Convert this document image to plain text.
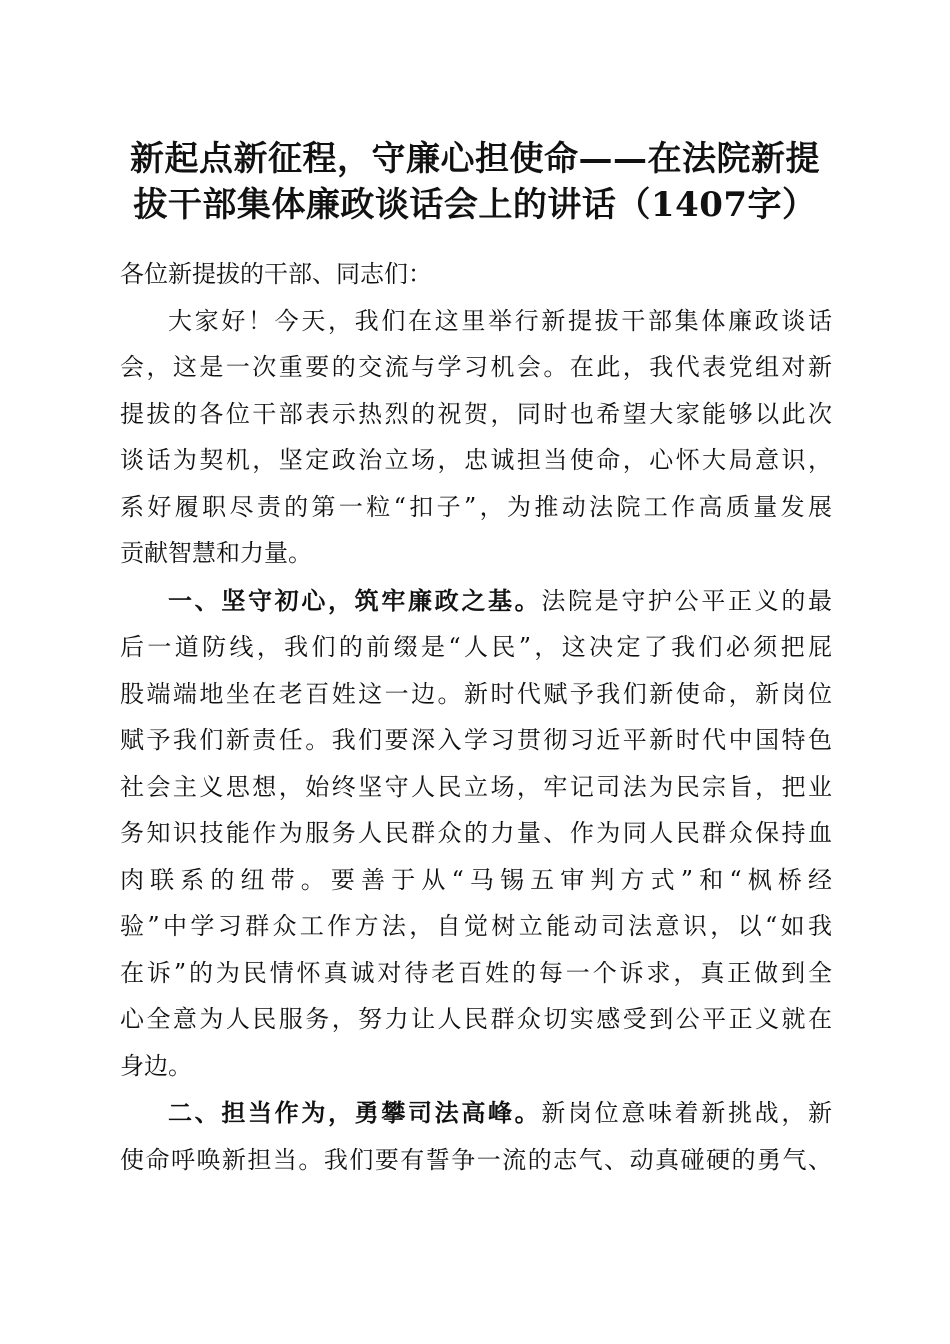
新起点新征程，守廉心担使命——在法院新提
拔干部集体廉政谈话会上的讲话（1407字）
各位新提拔的干部、同志们：
大家好！今天，我们在这里举行新提拔干部集体廉政谈话
会，这是一次重要的交流与学习机会。在此，我代表党组对新
提拔的各位干部表示热烈的祝贺，同时也希望大家能够以此次
谈话为契机，坚定政治立场，忠诚担当使命，心怀大局意识，
系好履职尽责的第一粒“扣子”，为推动法院工作高质量发展
贡献智慧和力量。
一、坚守初心，筑牢廉政之基。法院是守护公平正义的最
后一道防线，我们的前缀是“人民”，这决定了我们必须把屁
股端端地坐在老百姓这一边。新时代赋予我们新使命，新岗位
赋予我们新责任。我们要深入学习贯彻习近平新时代中国特色
社会主义思想，始终坚守人民立场，牢记司法为民宗旨，把业
务知识技能作为服务人民群众的力量、作为同人民群众保持血
肉联系的纽带。要善于从“马锡五审判方式”和“枫桥经
验”中学习群众工作方法，自觉树立能动司法意识，以“如我
在诉”的为民情怀真诚对待老百姓的每一个诉求，真正做到全
心全意为人民服务，努力让人民群众切实感受到公平正义就在
身边。
二、担当作为，勇攀司法高峰。新岗位意味着新挑战，新
使命呼唤新担当。我们要有誓争一流的志气、动真碰硬的勇气、
